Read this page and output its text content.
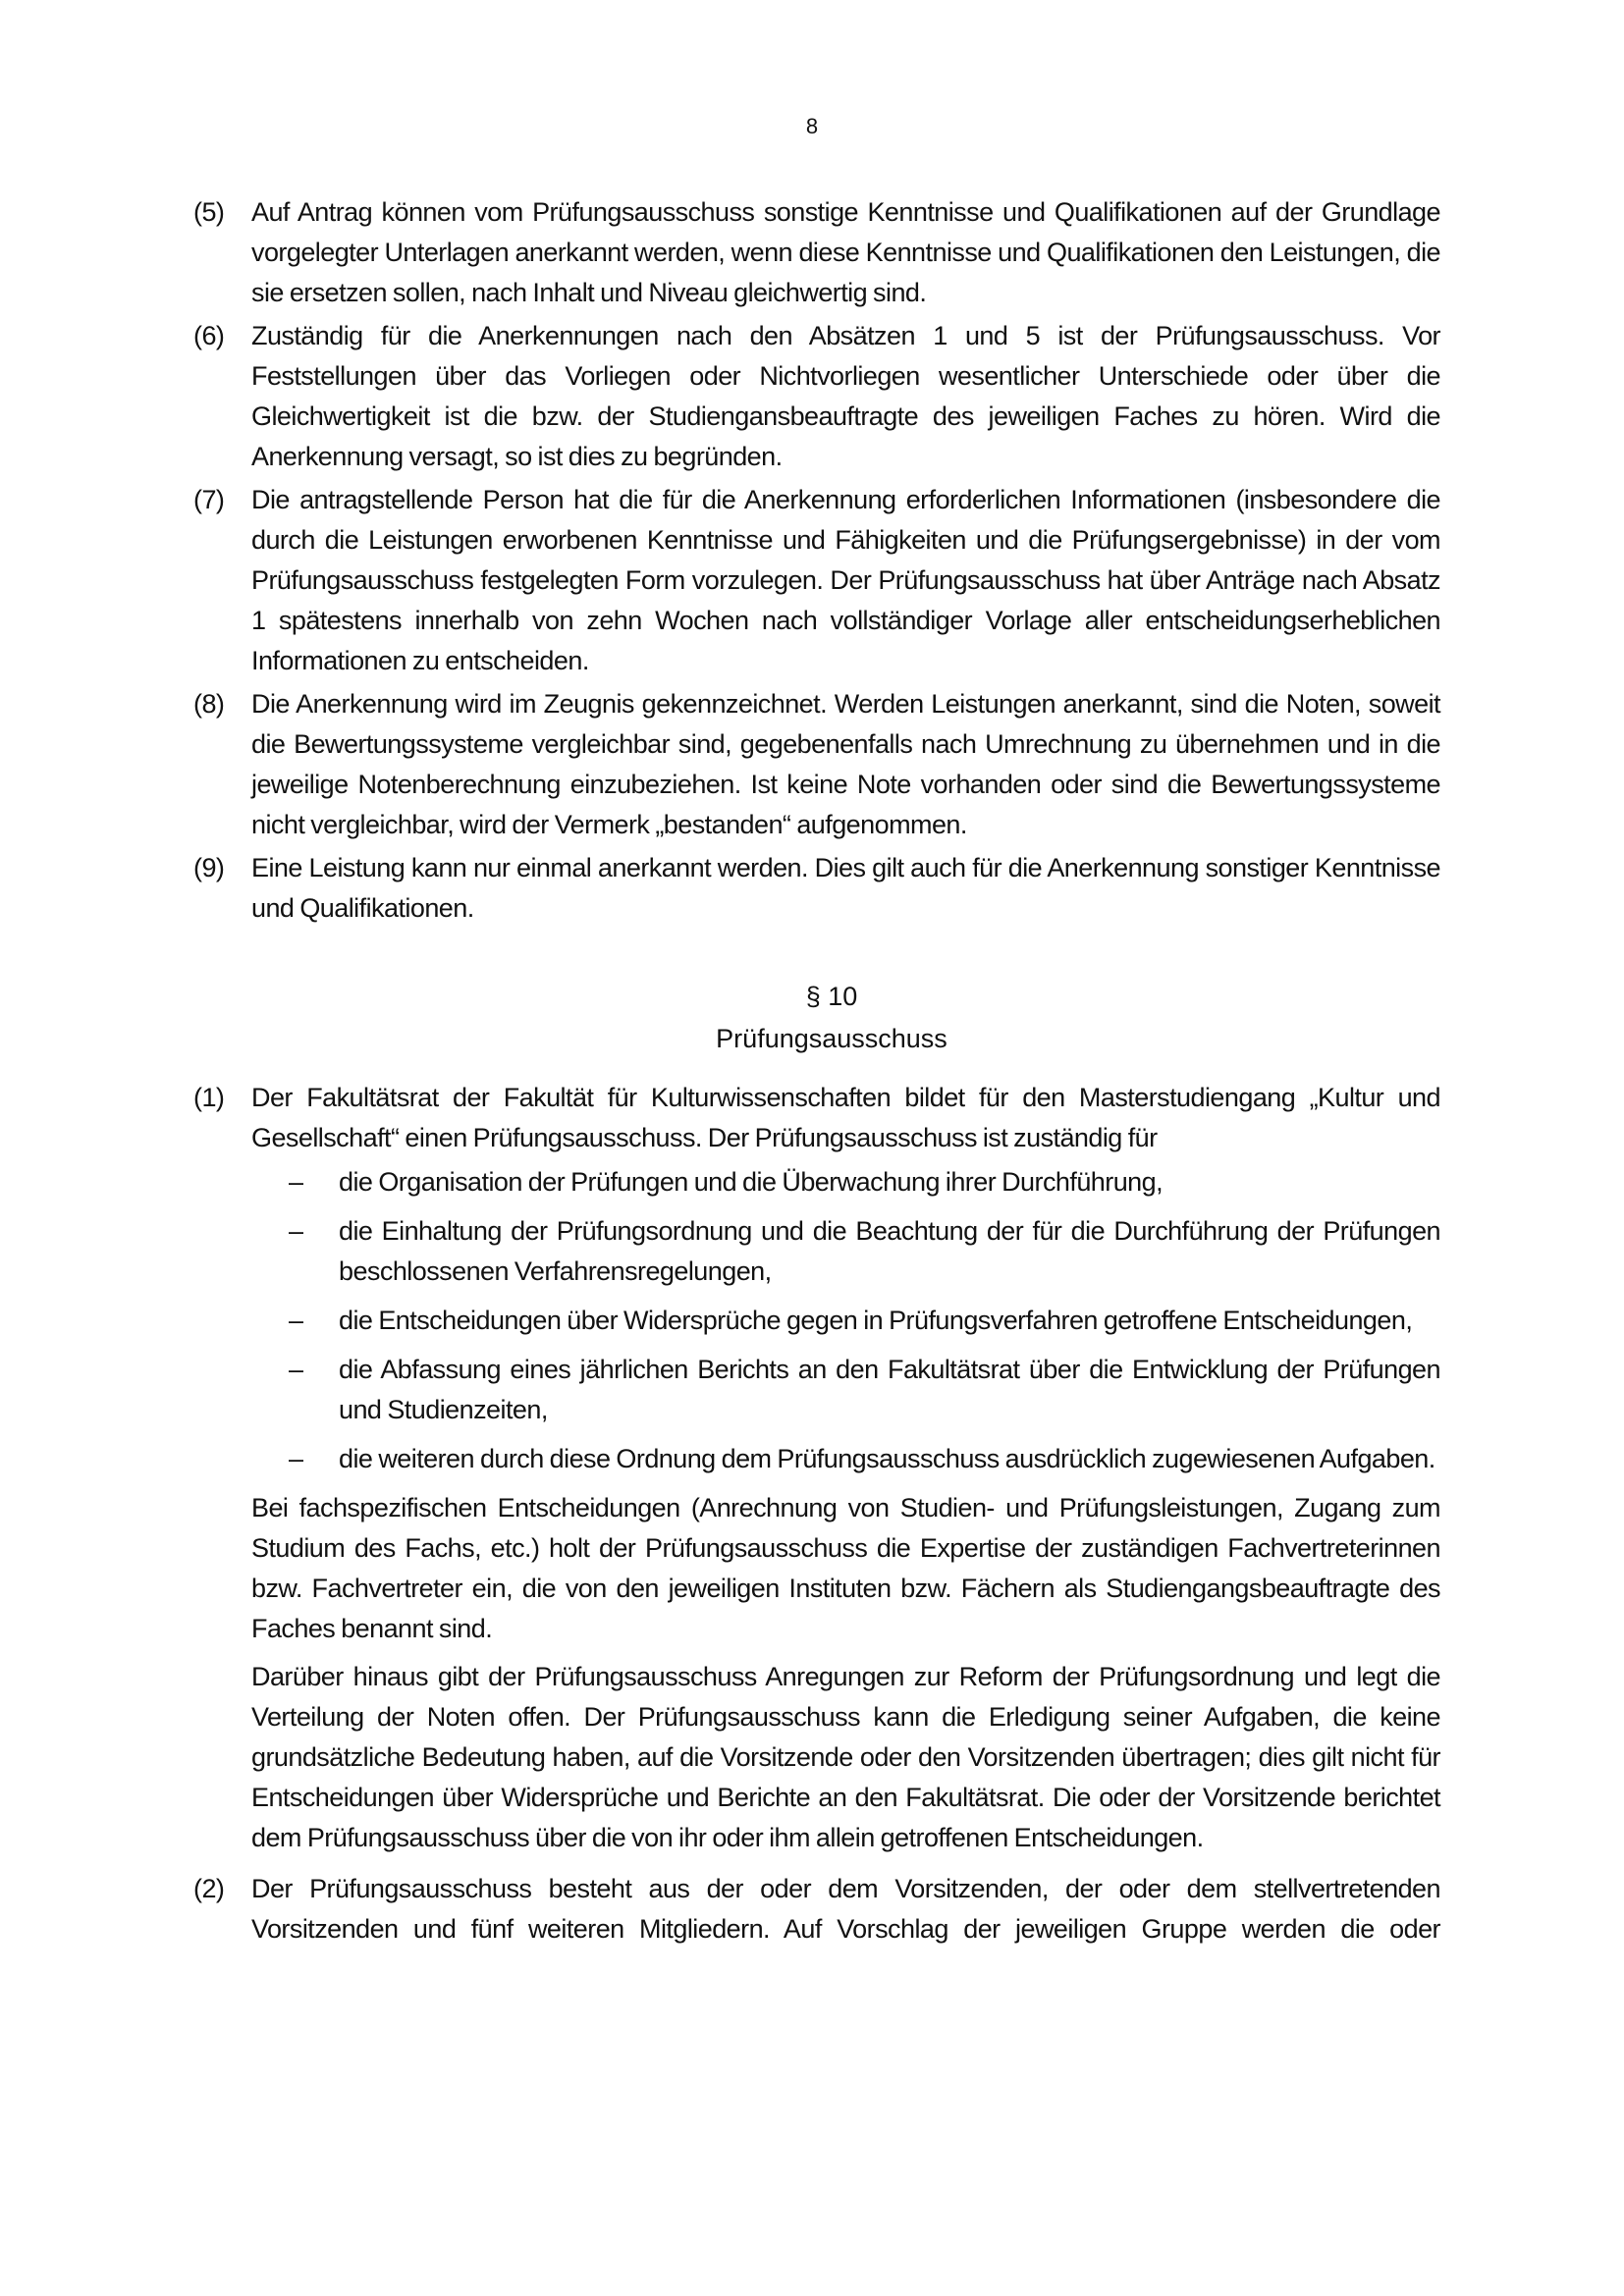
8
(5)	Auf Antrag können vom Prüfungsausschuss sonstige Kenntnisse und Qualifikationen auf der Grundlage vorgelegter Unterlagen anerkannt werden, wenn diese Kenntnisse und Qualifikationen den Leistungen, die sie ersetzen sollen, nach Inhalt und Niveau gleichwertig sind.
(6)	Zuständig für die Anerkennungen nach den Absätzen 1 und 5 ist der Prüfungsausschuss. Vor Feststellungen über das Vorliegen oder Nichtvorliegen wesentlicher Unterschiede oder über die Gleichwertigkeit ist die bzw. der Studiengansbeauftragte des jeweiligen Faches zu hören. Wird die Anerkennung versagt, so ist dies zu begründen.
(7)	Die antragstellende Person hat die für die Anerkennung erforderlichen Informationen (insbesondere die durch die Leistungen erworbenen Kenntnisse und Fähigkeiten und die Prüfungsergebnisse) in der vom Prüfungsausschuss festgelegten Form vorzulegen. Der Prüfungsausschuss hat über Anträge nach Absatz 1 spätestens innerhalb von zehn Wochen nach vollständiger Vorlage aller entscheidungserheblichen Informationen zu entscheiden.
(8)	Die Anerkennung wird im Zeugnis gekennzeichnet. Werden Leistungen anerkannt, sind die Noten, soweit die Bewertungssysteme vergleichbar sind, gegebenenfalls nach Umrechnung zu übernehmen und in die jeweilige Notenberechnung einzubeziehen. Ist keine Note vorhanden oder sind die Bewertungssysteme nicht vergleichbar, wird der Vermerk „bestanden“ aufgenommen.
(9)	Eine Leistung kann nur einmal anerkannt werden. Dies gilt auch für die Anerkennung sonstiger Kenntnisse und Qualifikationen.
§ 10
Prüfungsausschuss
(1)	Der Fakultätsrat der Fakultät für Kulturwissenschaften bildet für den Masterstudiengang „Kultur und Gesellschaft“ einen Prüfungsausschuss. Der Prüfungsausschuss ist zuständig für
–	die Organisation der Prüfungen und die Überwachung ihrer Durchführung,
–	die Einhaltung der Prüfungsordnung und die Beachtung der für die Durchführung der Prüfungen beschlossenen Verfahrensregelungen,
–	die Entscheidungen über Widersprüche gegen in Prüfungsverfahren getroffene Entscheidungen,
–	die Abfassung eines jährlichen Berichts an den Fakultätsrat über die Entwicklung der Prüfungen und Studienzeiten,
–	die weiteren durch diese Ordnung dem Prüfungsausschuss ausdrücklich zugewiesenen Aufgaben.
Bei fachspezifischen Entscheidungen (Anrechnung von Studien- und Prüfungsleistungen, Zugang zum Studium des Fachs, etc.) holt der Prüfungsausschuss die Expertise der zuständigen Fachvertreterinnen bzw. Fachvertreter ein, die von den jeweiligen Instituten bzw. Fächern als Studiengangsbeauftragte des Faches benannt sind.
Darüber hinaus gibt der Prüfungsausschuss Anregungen zur Reform der Prüfungsordnung und legt die Verteilung der Noten offen. Der Prüfungsausschuss kann die Erledigung seiner Aufgaben, die keine grundsätzliche Bedeutung haben, auf die Vorsitzende oder den Vorsitzenden übertragen; dies gilt nicht für Entscheidungen über Widersprüche und Berichte an den Fakultätsrat. Die oder der Vorsitzende berichtet dem Prüfungsausschuss über die von ihr oder ihm allein getroffenen Entscheidungen.
(2)	Der Prüfungsausschuss besteht aus der oder dem Vorsitzenden, der oder dem stellvertretenden Vorsitzenden und fünf weiteren Mitgliedern. Auf Vorschlag der jeweiligen Gruppe werden die oder
